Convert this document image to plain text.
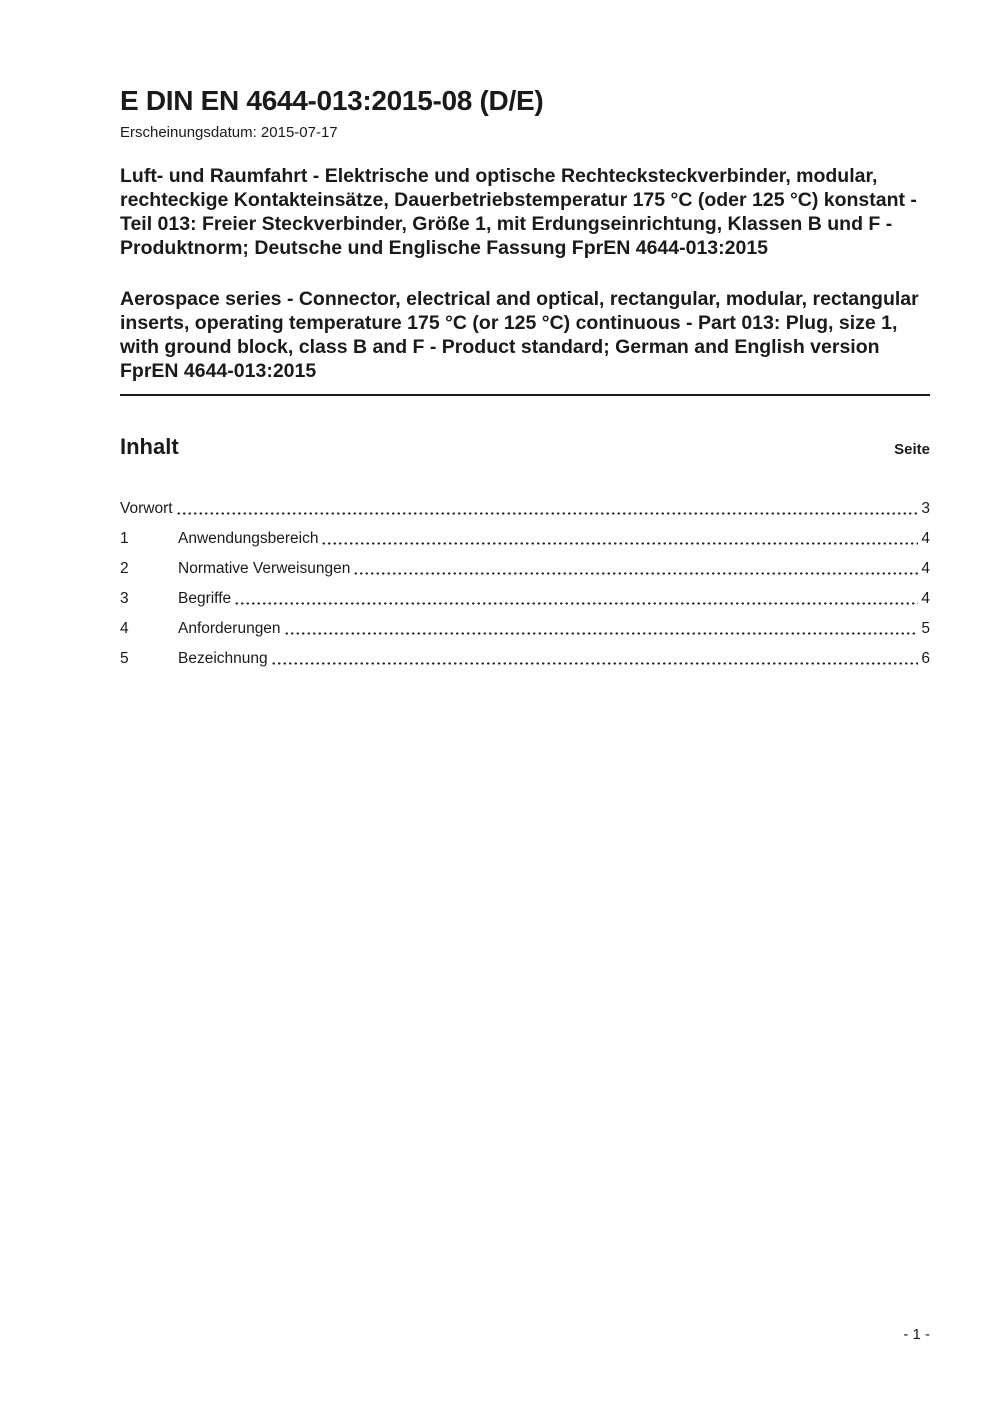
E DIN EN 4644-013:2015-08 (D/E)
Erscheinungsdatum: 2015-07-17

Luft- und Raumfahrt - Elektrische und optische Rechtecksteckverbinder, modular, rechteckige Kontakteinsätze, Dauerbetriebstemperatur 175 °C (oder 125 °C) konstant - Teil 013: Freier Steckverbinder, Größe 1, mit Erdungseinrichtung, Klassen B und F - Produktnorm; Deutsche und Englische Fassung FprEN 4644-013:2015

Aerospace series - Connector, electrical and optical, rectangular, modular, rectangular inserts, operating temperature 175 °C (or 125 °C) continuous - Part 013: Plug, size 1, with ground block, class B and F - Product standard; German and English version FprEN 4644-013:2015

Inhalt	Seite
Vorwort	3
1	Anwendungsbereich	4
2	Normative Verweisungen	4
3	Begriffe	4
4	Anforderungen	5
5	Bezeichnung	6
- 1 -
